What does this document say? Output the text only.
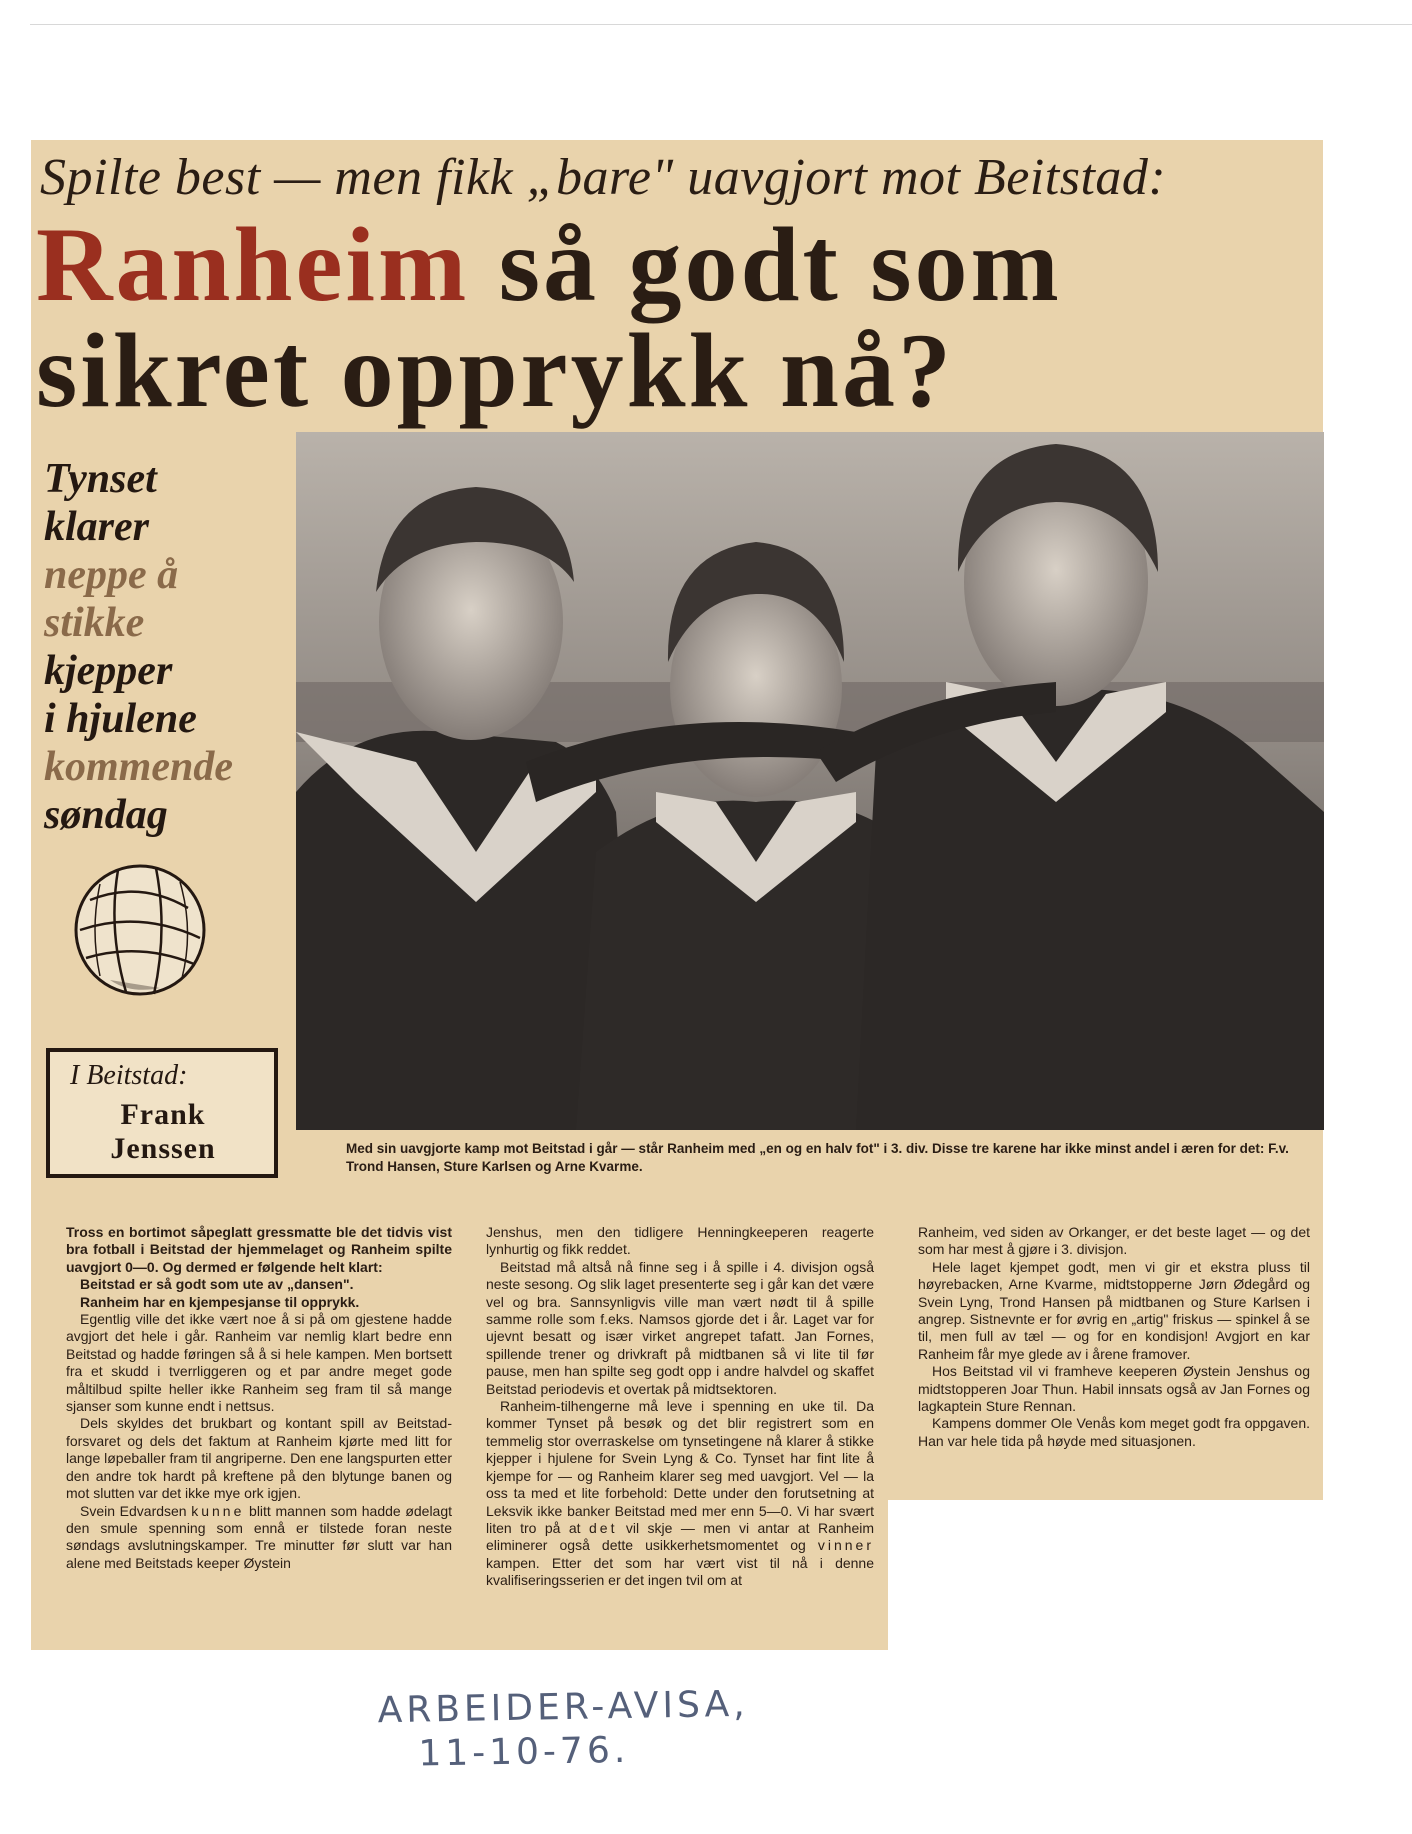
Spilte best — men fikk „bare" uavgjort mot Beitstad:
Ranheim så godt som
sikret opprykk nå?
Tynset
klarer
neppe å
stikke
kjepper
i hjulene
kommende
søndag
I Beitstad:
Frank
Jenssen	Med sin uavgjorte kamp mot Beitstad i går — står Ranheim med „en og en halv fot" i 3. div. Disse tre karene har ikke minst andel i æren for det: F.v. Trond Hansen, Sture Karlsen og Arne Kvarme.

Tross en bortimot såpeglatt gressmatte ble det tidvis vist bra fotball i Beitstad der hjemmelaget og Ranheim spilte uavgjort 0—0. Og dermed er følgende helt klart:

Beitstad er så godt som ute av „dansen".

Ranheim har en kjempesjanse til opprykk.

Egentlig ville det ikke vært noe å si på om gjestene hadde avgjort det hele i går. Ranheim var nemlig klart bedre enn Beitstad og hadde føringen så å si hele kampen. Men bortsett fra et skudd i tverrliggeren og et par andre meget gode måltilbud spilte heller ikke Ranheim seg fram til så mange sjanser som kunne endt i nettsus.

Dels skyldes det brukbart og kontant spill av Beitstad-forsvaret og dels det faktum at Ranheim kjørte med litt for lange løpeballer fram til angriperne. Den ene langspurten etter den andre tok hardt på kreftene på den blytunge banen og mot slutten var det ikke mye ork igjen.

Svein Edvardsen kunne blitt mannen som hadde ødelagt den smule spenning som ennå er tilstede foran neste søndags avslutningskamper. Tre minutter før slutt var han alene med Beitstads keeper Øystein

Jenshus, men den tidligere Henningkeeperen reagerte lynhurtig og fikk reddet.

Beitstad må altså nå finne seg i å spille i 4. divisjon også neste sesong. Og slik laget presenterte seg i går kan det være vel og bra. Sannsynligvis ville man vært nødt til å spille samme rolle som f.eks. Namsos gjorde det i år. Laget var for ujevnt besatt og især virket angrepet tafatt. Jan Fornes, spillende trener og drivkraft på midtbanen så vi lite til før pause, men han spilte seg godt opp i andre halvdel og skaffet Beitstad periodevis et overtak på midtsektoren.

Ranheim-tilhengerne må leve i spenning en uke til. Da kommer Tynset på besøk og det blir registrert som en temmelig stor overraskelse om tynsetingene nå klarer å stikke kjepper i hjulene for Svein Lyng & Co. Tynset har fint lite å kjempe for — og Ranheim klarer seg med uavgjort. Vel — la oss ta med et lite forbehold: Dette under den forutsetning at Leksvik ikke banker Beitstad med mer enn 5—0. Vi har svært liten tro på at det vil skje — men vi antar at Ranheim eliminerer også dette usikkerhetsmomentet og vinner kampen. Etter det som har vært vist til nå i denne kvalifiseringsserien er det ingen tvil om at

Ranheim, ved siden av Orkanger, er det beste laget — og det som har mest å gjøre i 3. divisjon.

Hele laget kjempet godt, men vi gir et ekstra pluss til høyrebacken, Arne Kvarme, midtstopperne Jørn Ødegård og Svein Lyng, Trond Hansen på midtbanen og Sture Karlsen i angrep. Sistnevnte er for øvrig en „artig" friskus — spinkel å se til, men full av tæl — og for en kondisjon! Avgjort en kar Ranheim får mye glede av i årene framover.

Hos Beitstad vil vi framheve keeperen Øystein Jenshus og midtstopperen Joar Thun. Habil innsats også av Jan Fornes og lagkaptein Sture Rennan.

Kampens dommer Ole Venås kom meget godt fra oppgaven. Han var hele tida på høyde med situasjonen.

ARBEIDER-AVISA,
11-10-76.
